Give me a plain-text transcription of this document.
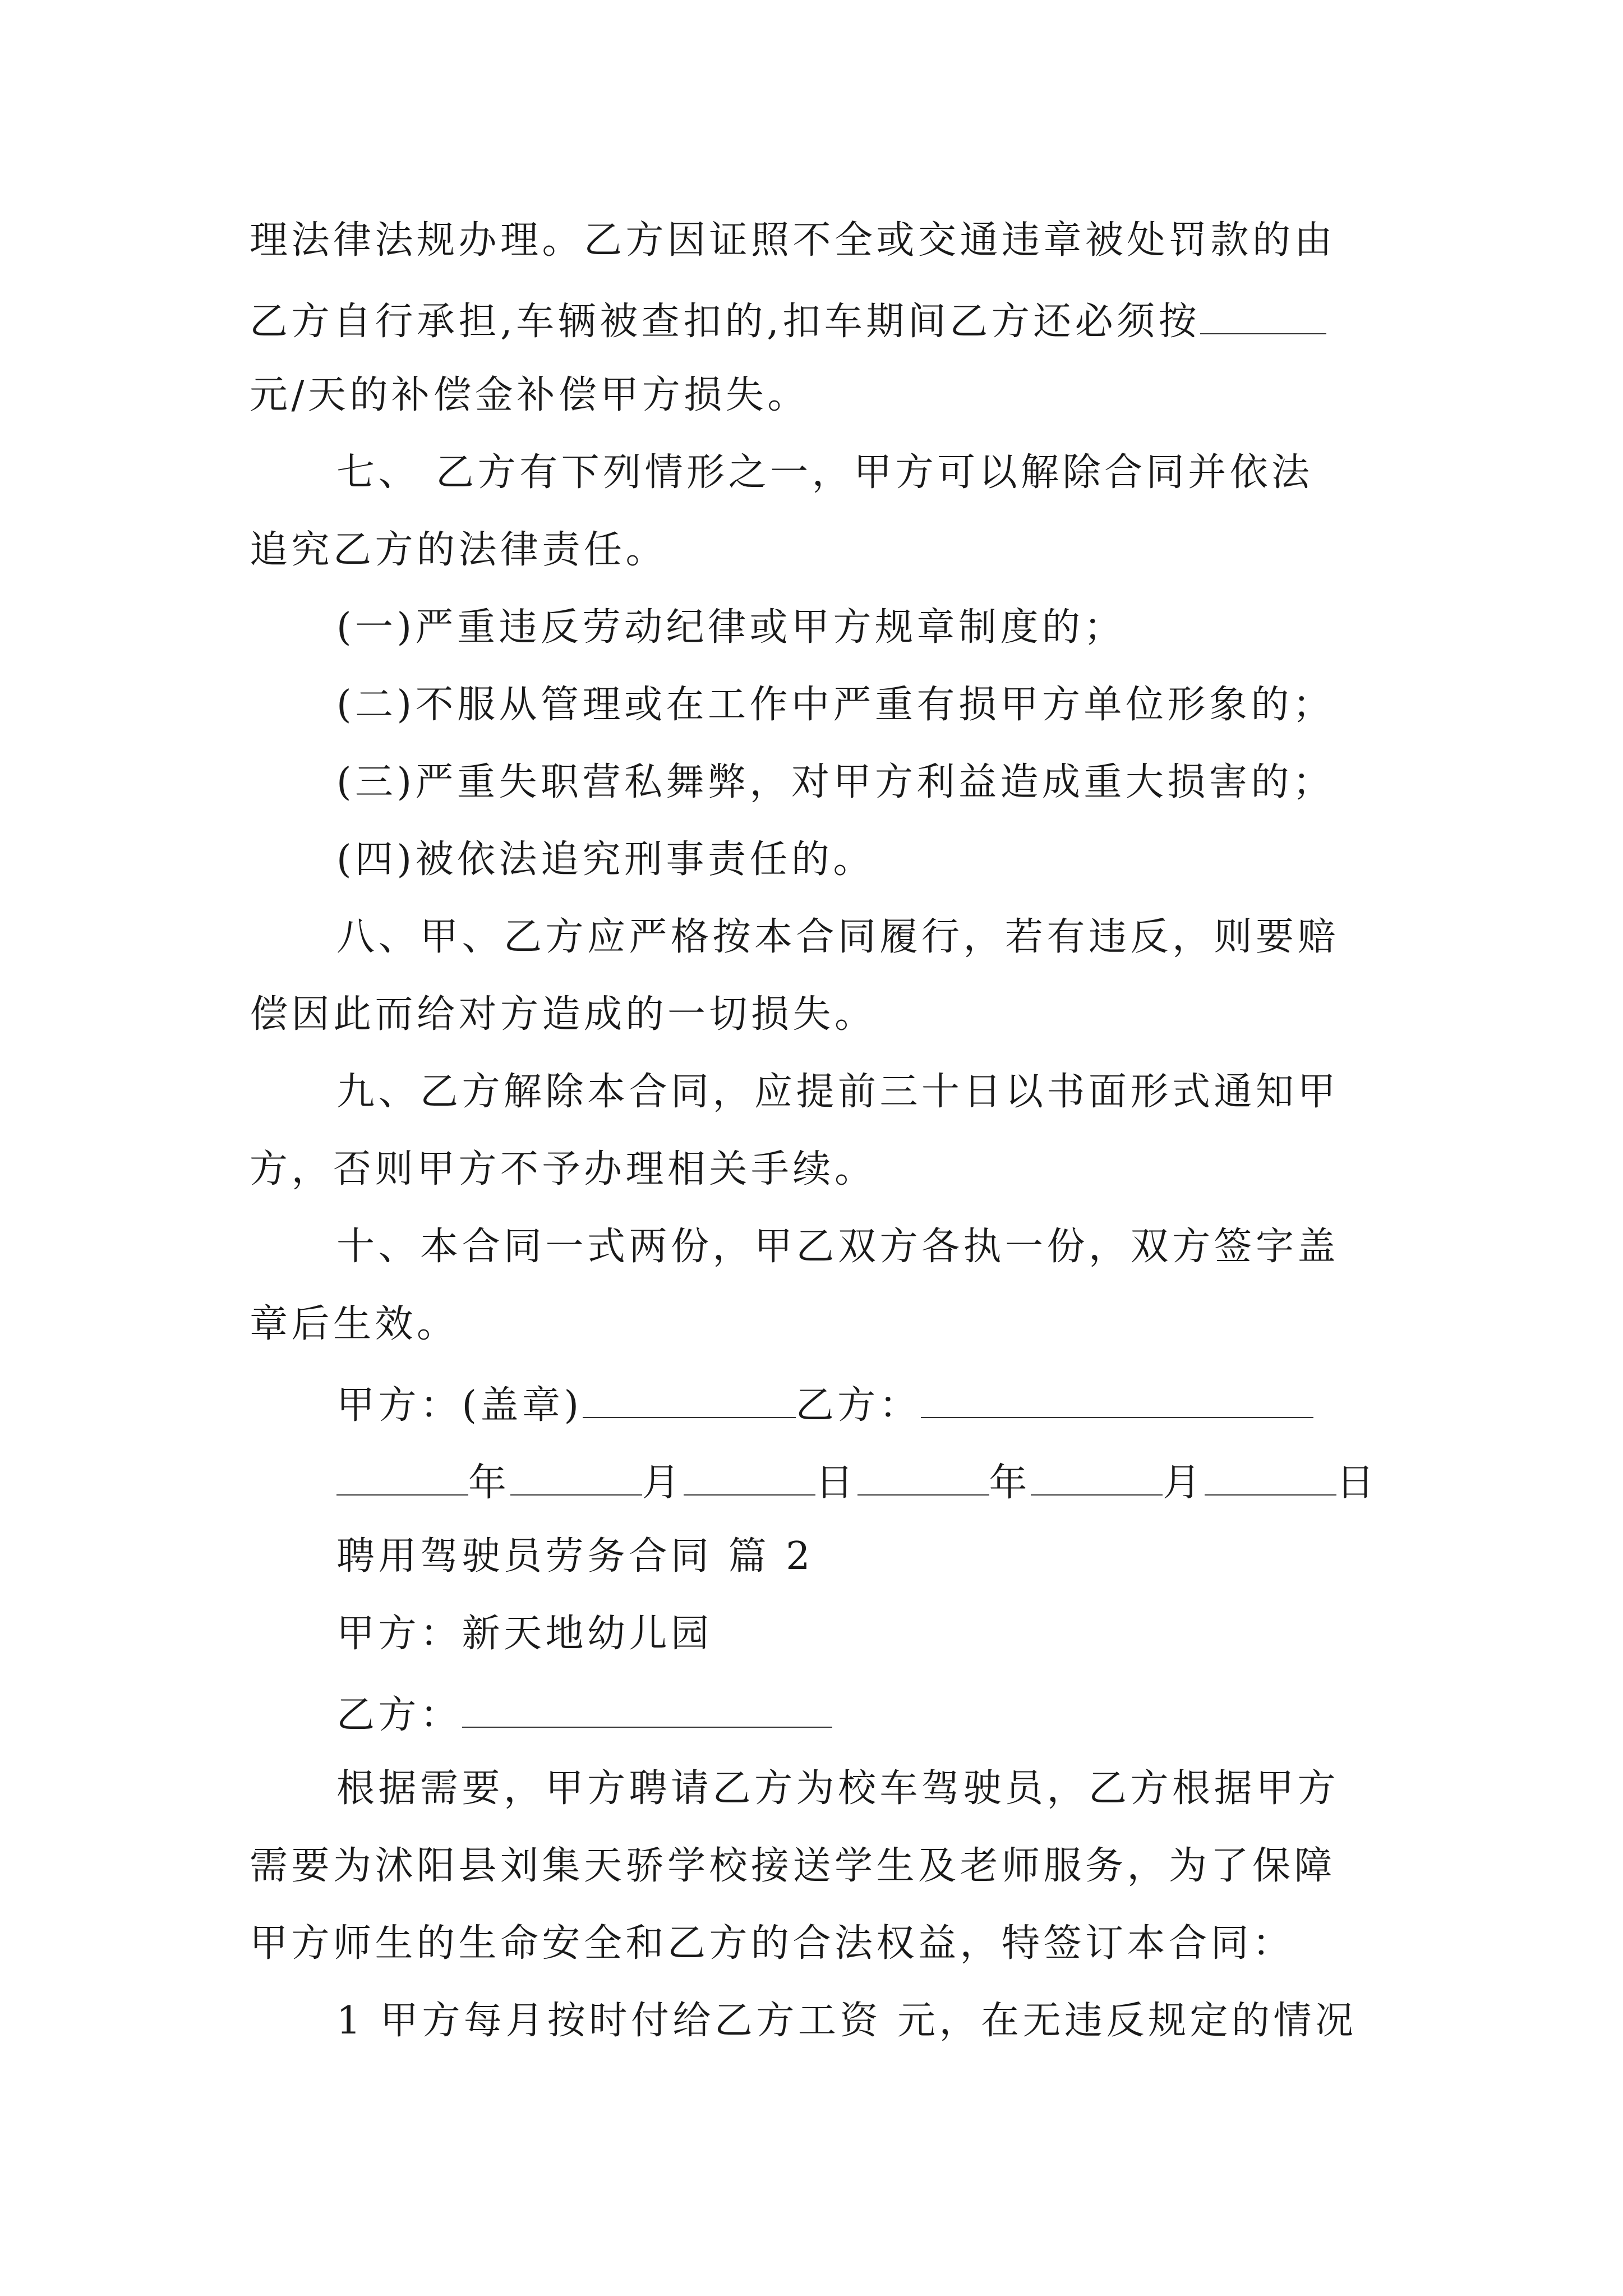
理法律法规办理。乙方因证照不全或交通违章被处罚款的由
乙方自行承担,车辆被查扣的,扣车期间乙方还必须按
元/天的补偿金补偿甲方损失。
七、 乙方有下列情形之一，甲方可以解除合同并依法
追究乙方的法律责任。
(一)严重违反劳动纪律或甲方规章制度的；
(二)不服从管理或在工作中严重有损甲方单位形象的；
(三)严重失职营私舞弊，对甲方利益造成重大损害的；
(四)被依法追究刑事责任的。
八、甲、乙方应严格按本合同履行，若有违反，则要赔
偿因此而给对方造成的一切损失。
九、乙方解除本合同，应提前三十日以书面形式通知甲
方，否则甲方不予办理相关手续。
十、本合同一式两份，甲乙双方各执一份，双方签字盖
章后生效。
甲方：(盖章)	乙方：
年	月	日	年	月	日
聘用驾驶员劳务合同 篇 2
甲方：新天地幼儿园
乙方：
根据需要，甲方聘请乙方为校车驾驶员，乙方根据甲方
需要为沭阳县刘集天骄学校接送学生及老师服务，为了保障
甲方师生的生命安全和乙方的合法权益，特签订本合同：
1 甲方每月按时付给乙方工资 元，在无违反规定的情况
